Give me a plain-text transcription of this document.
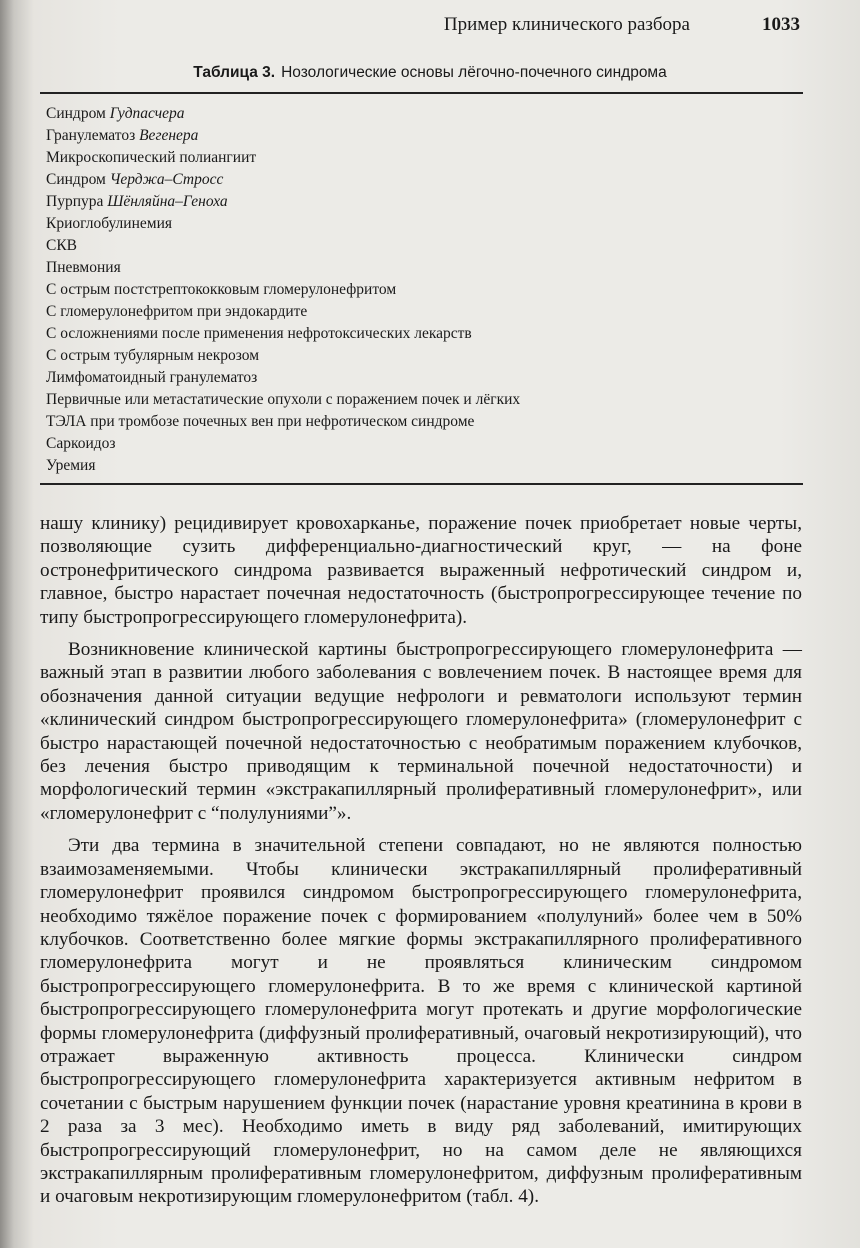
Пример клинического разбора	1033
Таблица 3. Нозологические основы лёгочно-почечного синдрома
Синдром Гудпасчера
Гранулематоз Вегенера
Микроскопический полиангиит
Синдром Черджа–Стросс
Пурпура Шёнляйна–Геноха
Криоглобулинемия
СКВ
Пневмония
С острым постстрептококковым гломерулонефритом
С гломерулонефритом при эндокардите
С осложнениями после применения нефротоксических лекарств
С острым тубулярным некрозом
Лимфоматоидный гранулематоз
Первичные или метастатические опухоли с поражением почек и лёгких
ТЭЛА при тромбозе почечных вен при нефротическом синдроме
Саркоидоз
Уремия

нашу клинику) рецидивирует кровохарканье, поражение почек приобретает новые черты, позволяющие сузить дифференциально-диагностический круг, — на фоне остронефритического синдрома развивается выраженный нефротический синдром и, главное, быстро нарастает почечная недостаточность (быстропрогрессирующее течение по типу быстропрогрессирующего гломерулонефрита).

Возникновение клинической картины быстропрогрессирующего гломерулонефрита — важный этап в развитии любого заболевания с вовлечением почек. В настоящее время для обозначения данной ситуации ведущие нефрологи и ревматологи используют термин «клинический синдром быстропрогрессирующего гломерулонефрита» (гломерулонефрит с быстро нарастающей почечной недостаточностью с необратимым поражением клубочков, без лечения быстро приводящим к терминальной почечной недостаточности) и морфологический термин «экстракапиллярный пролиферативный гломерулонефрит», или «гломерулонефрит с “полулуниями”».

Эти два термина в значительной степени совпадают, но не являются полностью взаимозаменяемыми. Чтобы клинически экстракапиллярный пролиферативный гломерулонефрит проявился синдромом быстропрогрессирующего гломерулонефрита, необходимо тяжёлое поражение почек с формированием «полулуний» более чем в 50% клубочков. Соответственно более мягкие формы экстракапиллярного пролиферативного гломерулонефрита могут и не проявляться клиническим синдромом быстропрогрессирующего гломерулонефрита. В то же время с клинической картиной быстропрогрессирующего гломерулонефрита могут протекать и другие морфологические формы гломерулонефрита (диффузный пролиферативный, очаговый некротизирующий), что отражает выраженную активность процесса. Клинически синдром быстропрогрессирующего гломерулонефрита характеризуется активным нефритом в сочетании с быстрым нарушением функции почек (нарастание уровня креатинина в крови в 2 раза за 3 мес). Необходимо иметь в виду ряд заболеваний, имитирующих быстропрогрессирующий гломерулонефрит, но на самом деле не являющихся экстракапиллярным пролиферативным гломерулонефритом, диффузным пролиферативным и очаговым некротизирующим гломерулонефритом (табл. 4).
